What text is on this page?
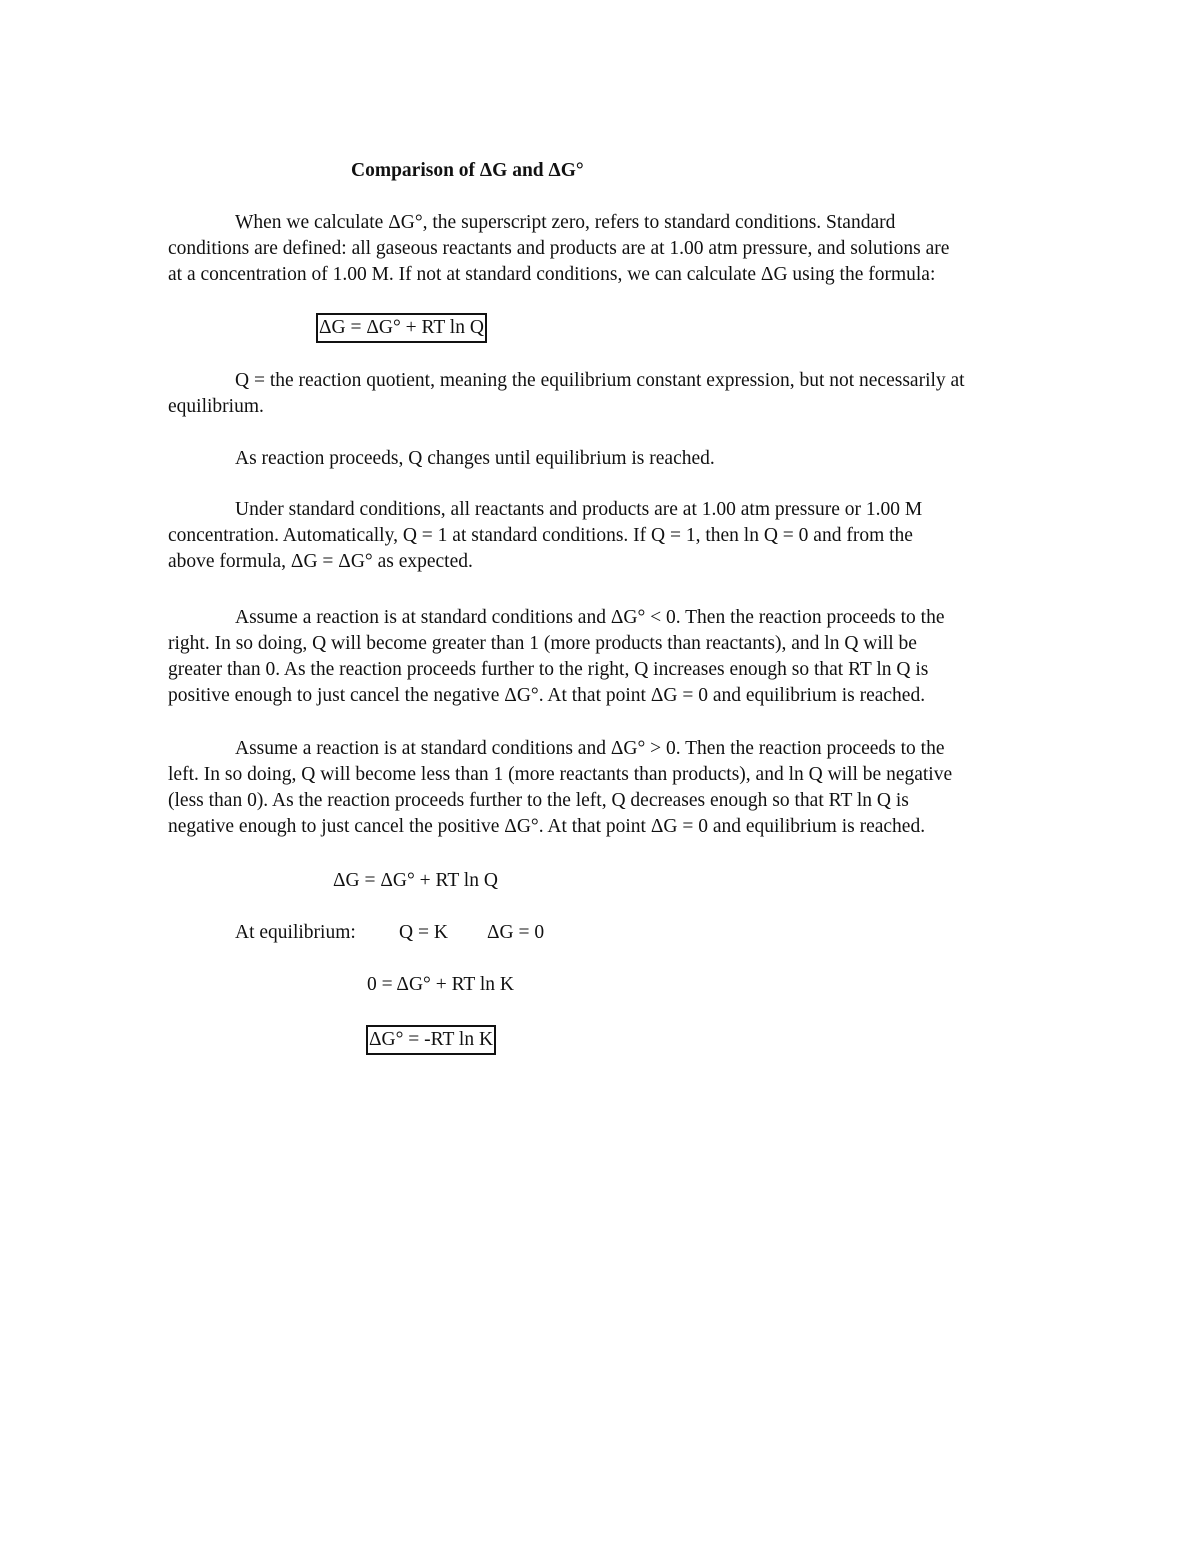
Comparison of ΔG and ΔG°
When we calculate ΔG°, the superscript zero, refers to standard conditions. Standard
conditions are defined: all gaseous reactants and products are at 1.00 atm pressure, and solutions are
at a concentration of 1.00 M. If not at standard conditions, we can calculate ΔG using the formula:
ΔG = ΔG° + RT ln Q
Q = the reaction quotient, meaning the equilibrium constant expression, but not necessarily at
equilibrium.
As reaction proceeds, Q changes until equilibrium is reached.
Under standard conditions, all reactants and products are at 1.00 atm pressure or 1.00 M
concentration. Automatically, Q = 1 at standard conditions. If Q = 1, then ln Q = 0 and from the
above formula, ΔG = ΔG° as expected.
Assume a reaction is at standard conditions and ΔG° < 0. Then the reaction proceeds to the
right. In so doing, Q will become greater than 1 (more products than reactants), and ln Q will be
greater than 0. As the reaction proceeds further to the right, Q increases enough so that RT ln Q is
positive enough to just cancel the negative ΔG°. At that point ΔG = 0 and equilibrium is reached.
Assume a reaction is at standard conditions and ΔG° > 0. Then the reaction proceeds to the
left. In so doing, Q will become less than 1 (more reactants than products), and ln Q will be negative
(less than 0). As the reaction proceeds further to the left, Q decreases enough so that RT ln Q is
negative enough to just cancel the positive ΔG°. At that point ΔG = 0 and equilibrium is reached.
ΔG = ΔG° + RT ln Q
At equilibrium: Q = K ΔG = 0
0 = ΔG° + RT ln K
ΔG° = -RT ln K
